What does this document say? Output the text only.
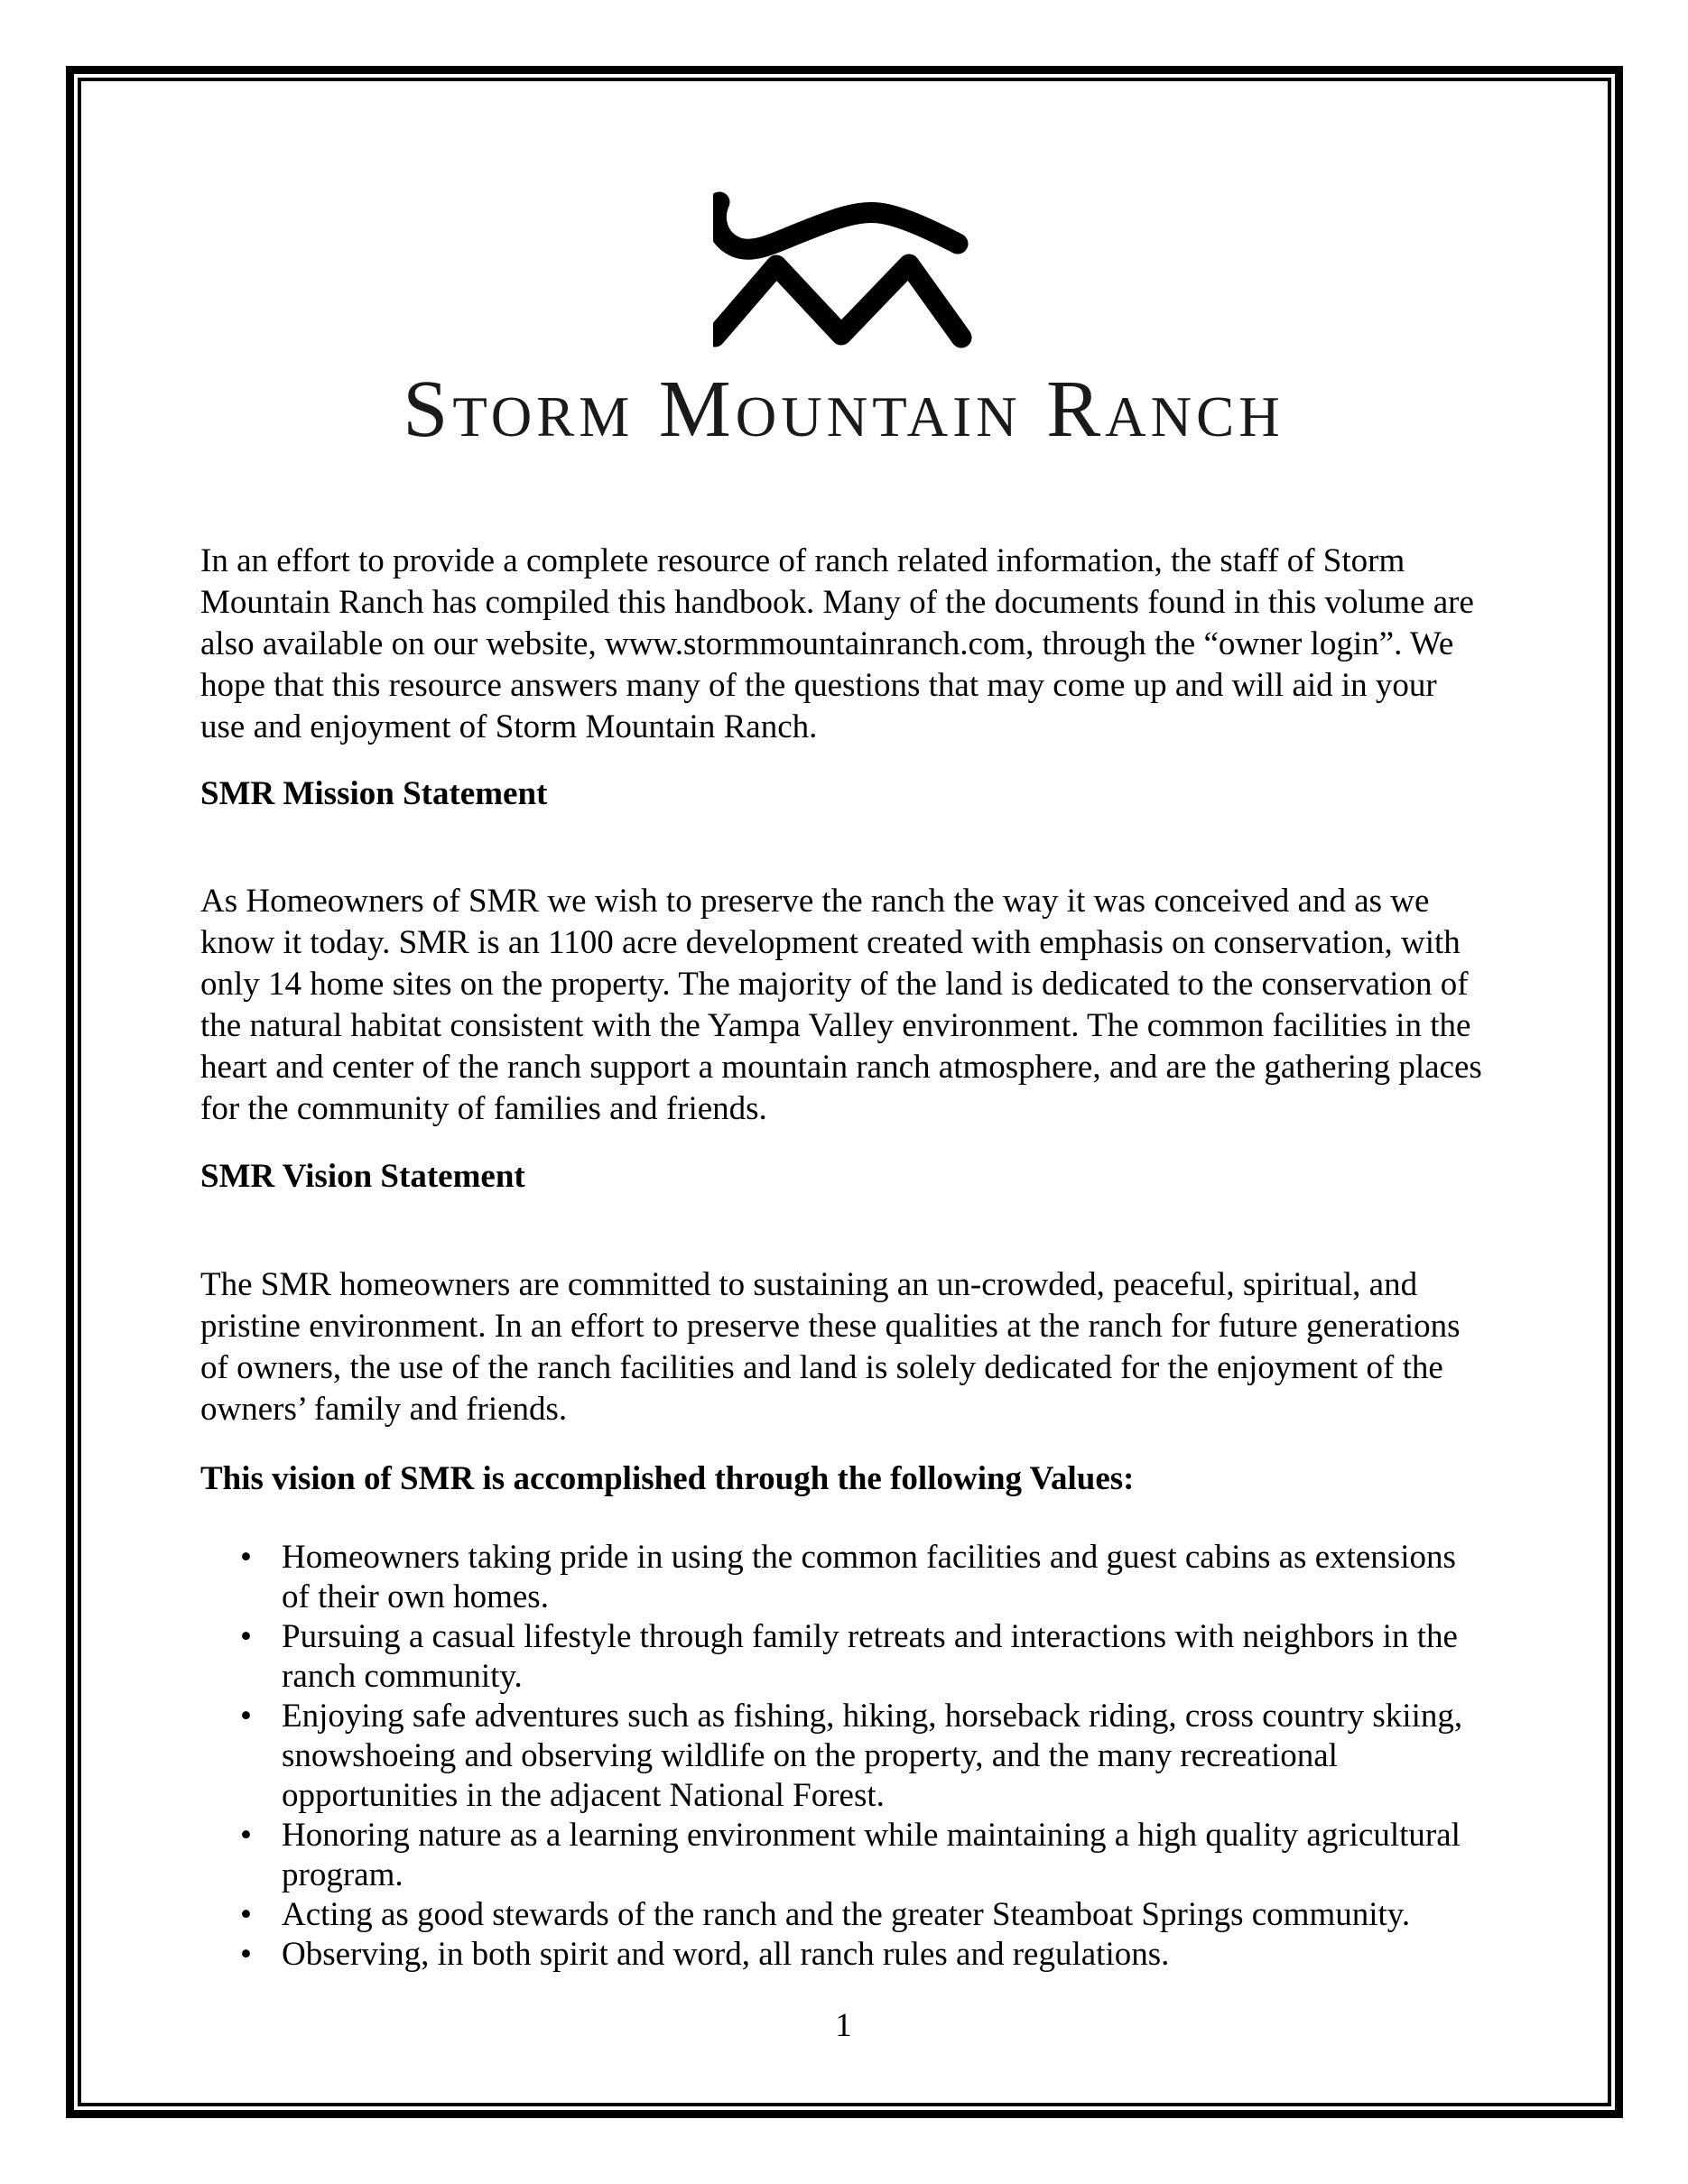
Storm Mountain Ranch

In an effort to provide a complete resource of ranch related information, the staff of Storm Mountain Ranch has compiled this handbook. Many of the documents found in this volume are also available on our website, www.stormmountainranch.com, through the “owner login”. We hope that this resource answers many of the questions that may come up and will aid in your use and enjoyment of Storm Mountain Ranch.

SMR Mission Statement

As Homeowners of SMR we wish to preserve the ranch the way it was conceived and as we know it today. SMR is an 1100 acre development created with emphasis on conservation, with only 14 home sites on the property. The majority of the land is dedicated to the conservation of the natural habitat consistent with the Yampa Valley environment. The common facilities in the heart and center of the ranch support a mountain ranch atmosphere, and are the gathering places for the community of families and friends.

SMR Vision Statement

The SMR homeowners are committed to sustaining an un-crowded, peaceful, spiritual, and pristine environment. In an effort to preserve these qualities at the ranch for future generations of owners, the use of the ranch facilities and land is solely dedicated for the enjoyment of the owners’ family and friends.

This vision of SMR is accomplished through the following Values:
• Homeowners taking pride in using the common facilities and guest cabins as extensions of their own homes.
• Pursuing a casual lifestyle through family retreats and interactions with neighbors in the ranch community.
• Enjoying safe adventures such as fishing, hiking, horseback riding, cross country skiing, snowshoeing and observing wildlife on the property, and the many recreational opportunities in the adjacent National Forest.
• Honoring nature as a learning environment while maintaining a high quality agricultural program.
• Acting as good stewards of the ranch and the greater Steamboat Springs community.
• Observing, in both spirit and word, all ranch rules and regulations.
1
